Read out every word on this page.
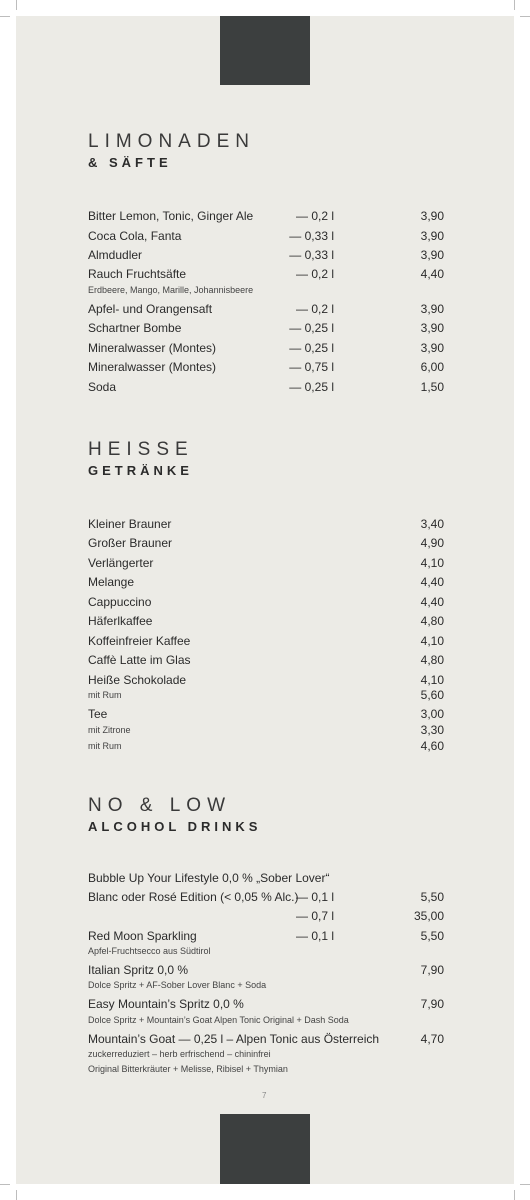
LIMONADEN
& SÄFTE
Bitter Lemon, Tonic, Ginger Ale	— 0,2 l	3,90
Coca Cola, Fanta	— 0,33 l	3,90
Almdudler	— 0,33 l	3,90
Rauch Fruchtsäfte	— 0,2 l	4,40
Erdbeere, Mango, Marille, Johannisbeere
Apfel- und Orangensaft	— 0,2 l	3,90
Schartner Bombe	— 0,25 l	3,90
Mineralwasser (Montes)	— 0,25 l	3,90
Mineralwasser (Montes)	— 0,75 l	6,00
Soda	— 0,25 l	1,50
HEISSE
GETRÄNKE
Kleiner Brauner	3,40
Großer Brauner	4,90
Verlängerter	4,10
Melange	4,40
Cappuccino	4,40
Häferlkaffee	4,80
Koffeinfreier Kaffee	4,10
Caffè Latte im Glas	4,80
Heiße Schokolade	4,10
mit Rum	5,60
Tee	3,00
mit Zitrone	3,30
mit Rum	4,60
NO & LOW
ALCOHOL DRINKS
Bubble Up Your Lifestyle 0,0 % „Sober Lover“
Blanc oder Rosé Edition (< 0,05 % Alc.)
— 0,1 l	5,50
— 0,7 l	35,00
Red Moon Sparkling	— 0,1 l	5,50
Apfel-Fruchtsecco aus Südtirol
Italian Spritz 0,0 %	7,90
Dolce Spritz + AF-Sober Lover Blanc + Soda
Easy Mountain’s Spritz 0,0 %	7,90
Dolce Spritz + Mountain’s Goat Alpen Tonic Original + Dash Soda
Mountain’s Goat — 0,25 l – Alpen Tonic aus Österreich	4,70
zuckerreduziert – herb erfrischend – chininfrei
Original Bitterkräuter + Melisse, Ribisel + Thymian
7
